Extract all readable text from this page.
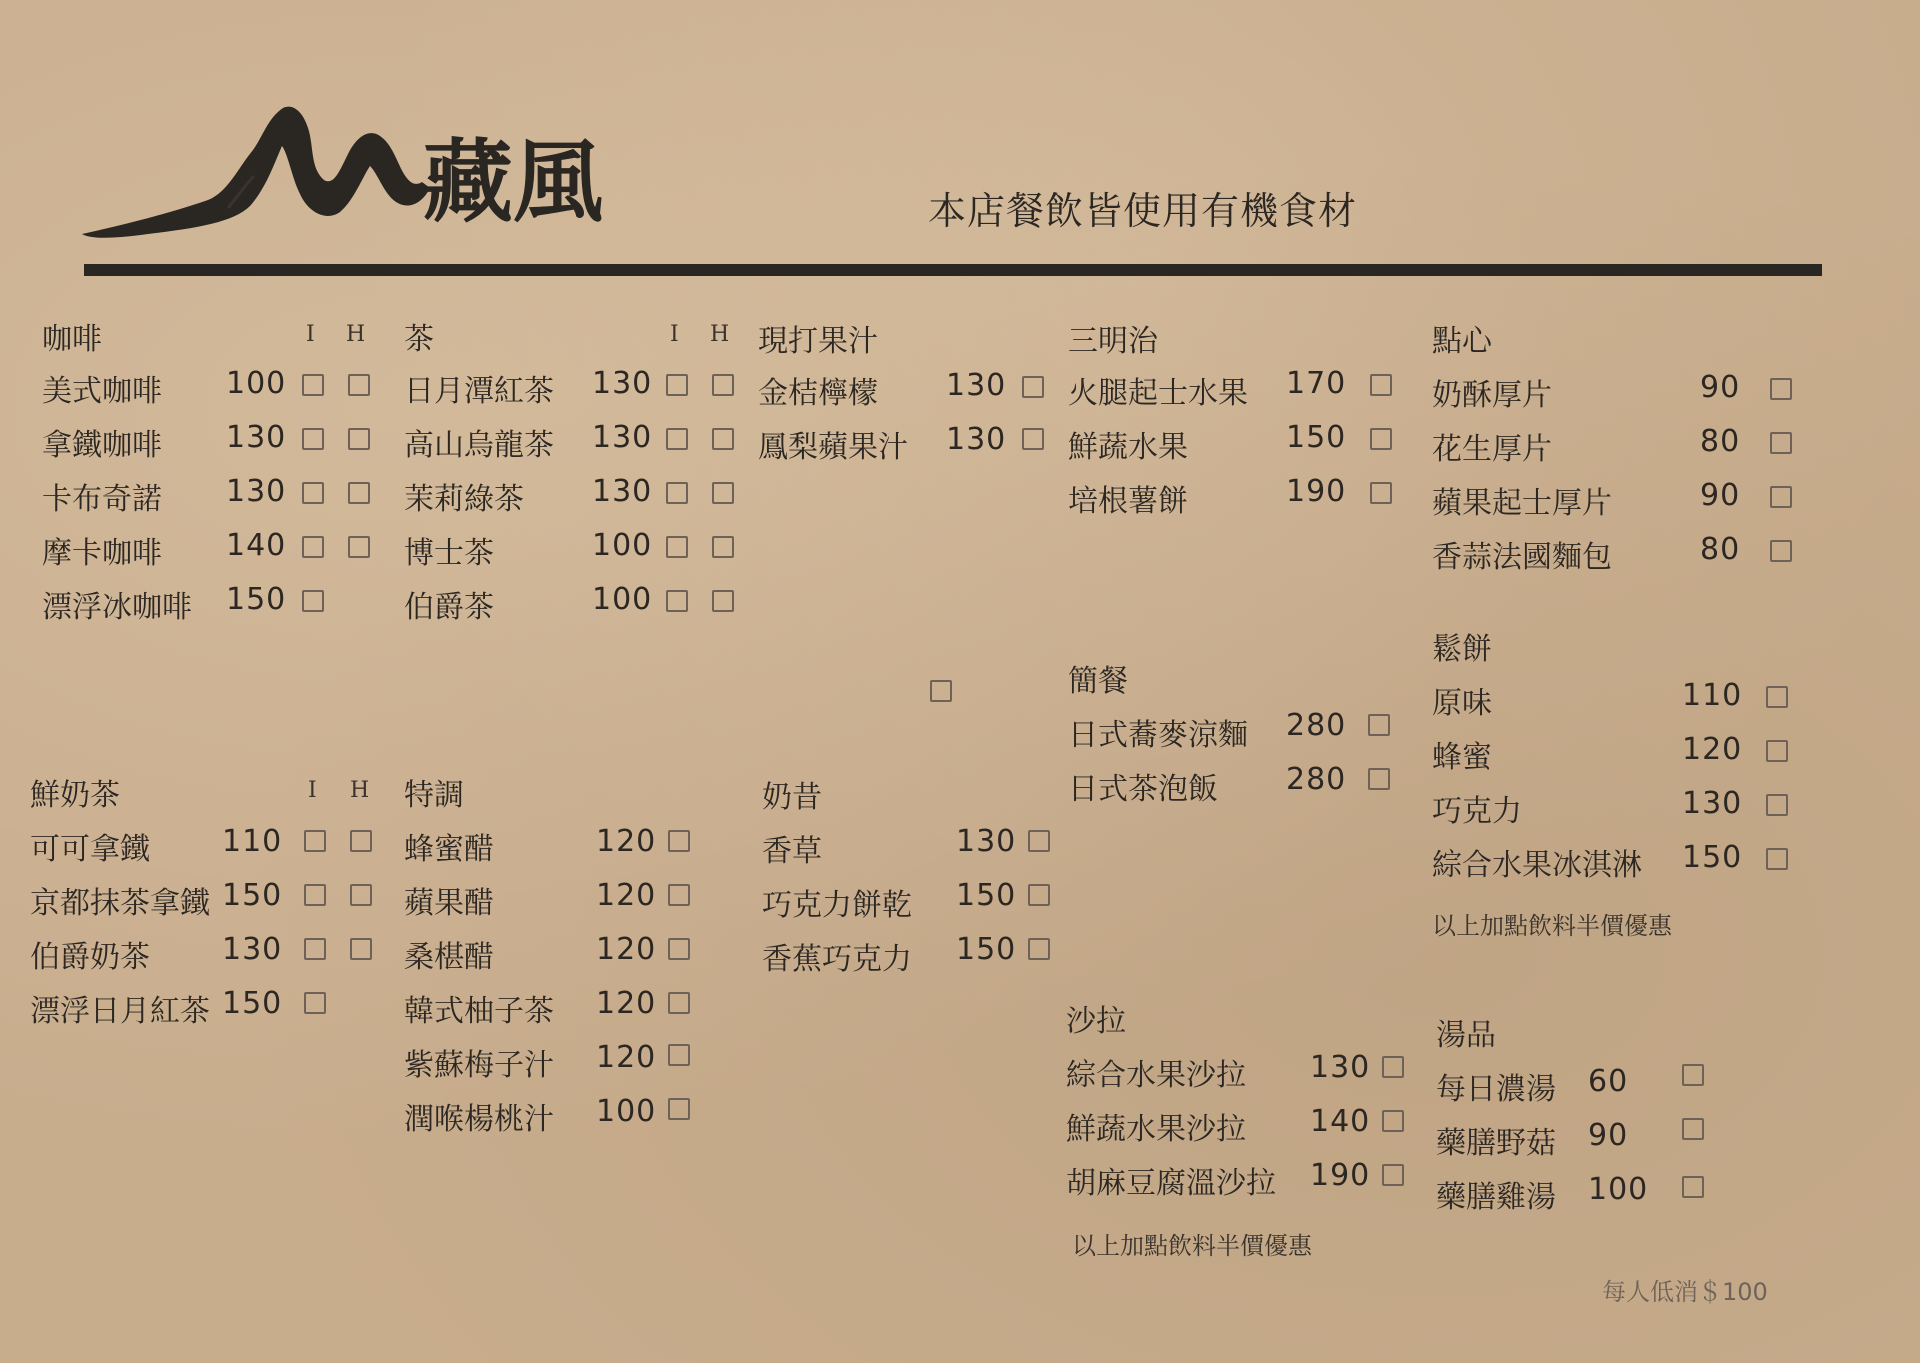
藏風	本店餐飲皆使用有機食材
咖啡	I H
美式咖啡 100
拿鐵咖啡 130
卡布奇諾 130
摩卡咖啡 140
漂浮冰咖啡 150
茶	I H
日月潭紅茶 130
高山烏龍茶 130
茉莉綠茶 130
博士茶	100
伯爵茶	100
現打果汁
金桔檸檬 130
鳳梨蘋果汁 130
三明治
火腿起士水果 170
鮮蔬水果	150
培根薯餅	190
點心
奶酥厚片	90
花生厚片	80
蘋果起士厚片	90
香蒜法國麵包	80
鬆餅
原味	110
蜂蜜	120
巧克力	130
綜合水果冰淇淋 150
以上加點飲料半價優惠
簡餐
日式蕎麥涼麵 280
日式茶泡飯 280
鮮奶茶	I H
可可拿鐵 110
京都抹茶拿鐵 150
伯爵奶茶 130
漂浮日月紅茶 150
特調
蜂蜜醋	120
蘋果醋	120
桑椹醋	120
韓式柚子茶 120
紫蘇梅子汁 120
潤喉楊桃汁 100
奶昔
香草	130
巧克力餅乾 150
香蕉巧克力 150
沙拉
綜合水果沙拉 130
鮮蔬水果沙拉 140
胡麻豆腐溫沙拉 190
以上加點飲料半價優惠
湯品
每日濃湯 60
藥膳野菇 90
藥膳雞湯 100
每人低消＄100
